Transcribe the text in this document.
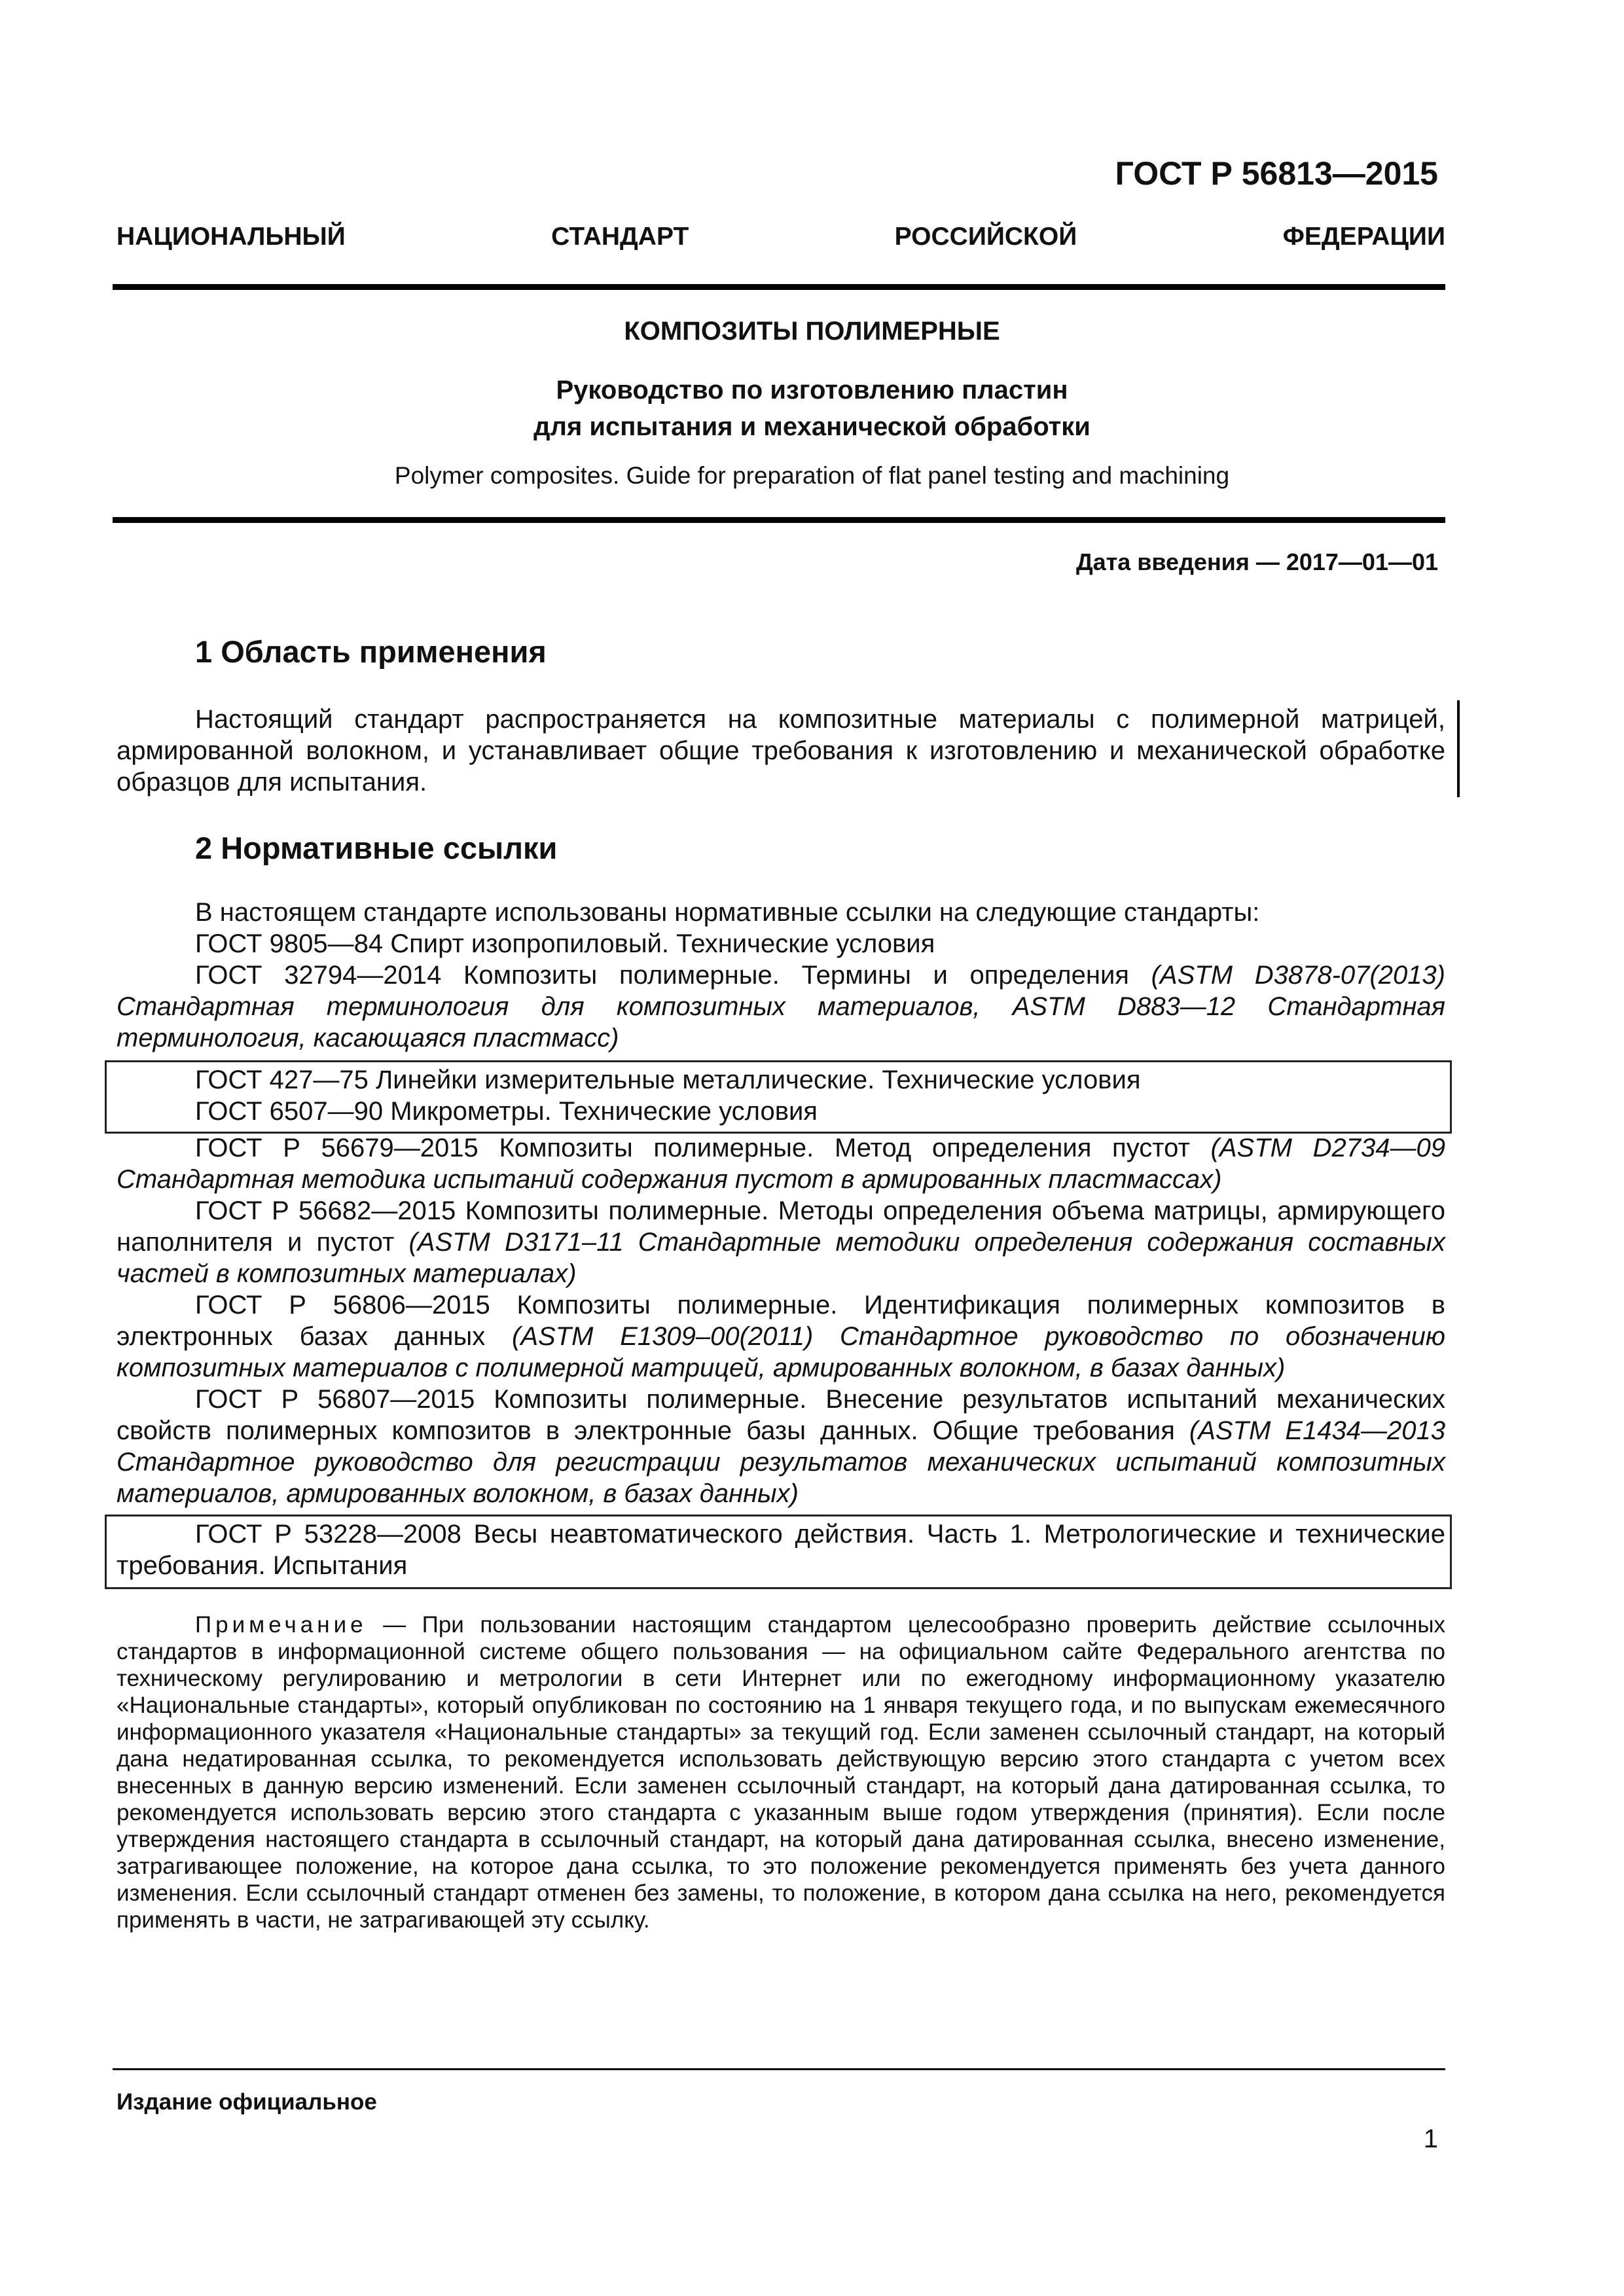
ГОСТ Р 56813—2015
НАЦИОНАЛЬНЫЙ СТАНДАРТ РОССИЙСКОЙ ФЕДЕРАЦИИ
КОМПОЗИТЫ ПОЛИМЕРНЫЕ
Руководство по изготовлению пластин
для испытания и механической обработки
Polymer composites. Guide for preparation of flat panel testing and machining
Дата введения — 2017—01—01
1 Область применения
Настоящий стандарт распространяется на композитные материалы с полимерной матрицей, армированной волокном, и устанавливает общие требования к изготовлению и механической обработке образцов для испытания.
2 Нормативные ссылки
В настоящем стандарте использованы нормативные ссылки на следующие стандарты:
ГОСТ 9805—84 Спирт изопропиловый. Технические условия
ГОСТ 32794—2014 Композиты полимерные. Термины и определения (ASTM D3878-07(2013) Стандартная терминология для композитных материалов, ASTM D883—12 Стандартная терминология, касающаяся пластмасс)
ГОСТ 427—75 Линейки измерительные металлические. Технические условия
ГОСТ 6507—90 Микрометры. Технические условия
ГОСТ Р 56679—2015 Композиты полимерные. Метод определения пустот (ASTM D2734—09 Стандартная методика испытаний содержания пустот в армированных пластмассах)
ГОСТ Р 56682—2015 Композиты полимерные. Методы определения объема матрицы, армирующего наполнителя и пустот (ASTM D3171–11 Стандартные методики определения содержания составных частей в композитных материалах)
ГОСТ Р 56806—2015 Композиты полимерные. Идентификация полимерных композитов в электронных базах данных (ASTM E1309–00(2011) Стандартное руководство по обозначению композитных материалов с полимерной матрицей, армированных волокном, в базах данных)
ГОСТ Р 56807—2015 Композиты полимерные. Внесение результатов испытаний механических свойств полимерных композитов в электронные базы данных. Общие требования (ASTM E1434—2013 Стандартное руководство для регистрации результатов механических испытаний композитных материалов, армированных волокном, в базах данных)
ГОСТ Р 53228—2008 Весы неавтоматического действия. Часть 1. Метрологические и технические требования. Испытания
Примечание — При пользовании настоящим стандартом целесообразно проверить действие ссылочных стандартов в информационной системе общего пользования — на официальном сайте Федерального агентства по техническому регулированию и метрологии в сети Интернет или по ежегодному информационному указателю «Национальные стандарты», который опубликован по состоянию на 1 января текущего года, и по выпускам ежемесячного информационного указателя «Национальные стандарты» за текущий год. Если заменен ссылочный стандарт, на который дана недатированная ссылка, то рекомендуется использовать действующую версию этого стандарта с учетом всех внесенных в данную версию изменений. Если заменен ссылочный стандарт, на который дана датированная ссылка, то рекомендуется использовать версию этого стандарта с указанным выше годом утверждения (принятия). Если после утверждения настоящего стандарта в ссылочный стандарт, на который дана датированная ссылка, внесено изменение, затрагивающее положение, на которое дана ссылка, то это положение рекомендуется применять без учета данного изменения. Если ссылочный стандарт отменен без замены, то положение, в котором дана ссылка на него, рекомендуется применять в части, не затрагивающей эту ссылку.
Издание официальное
1
